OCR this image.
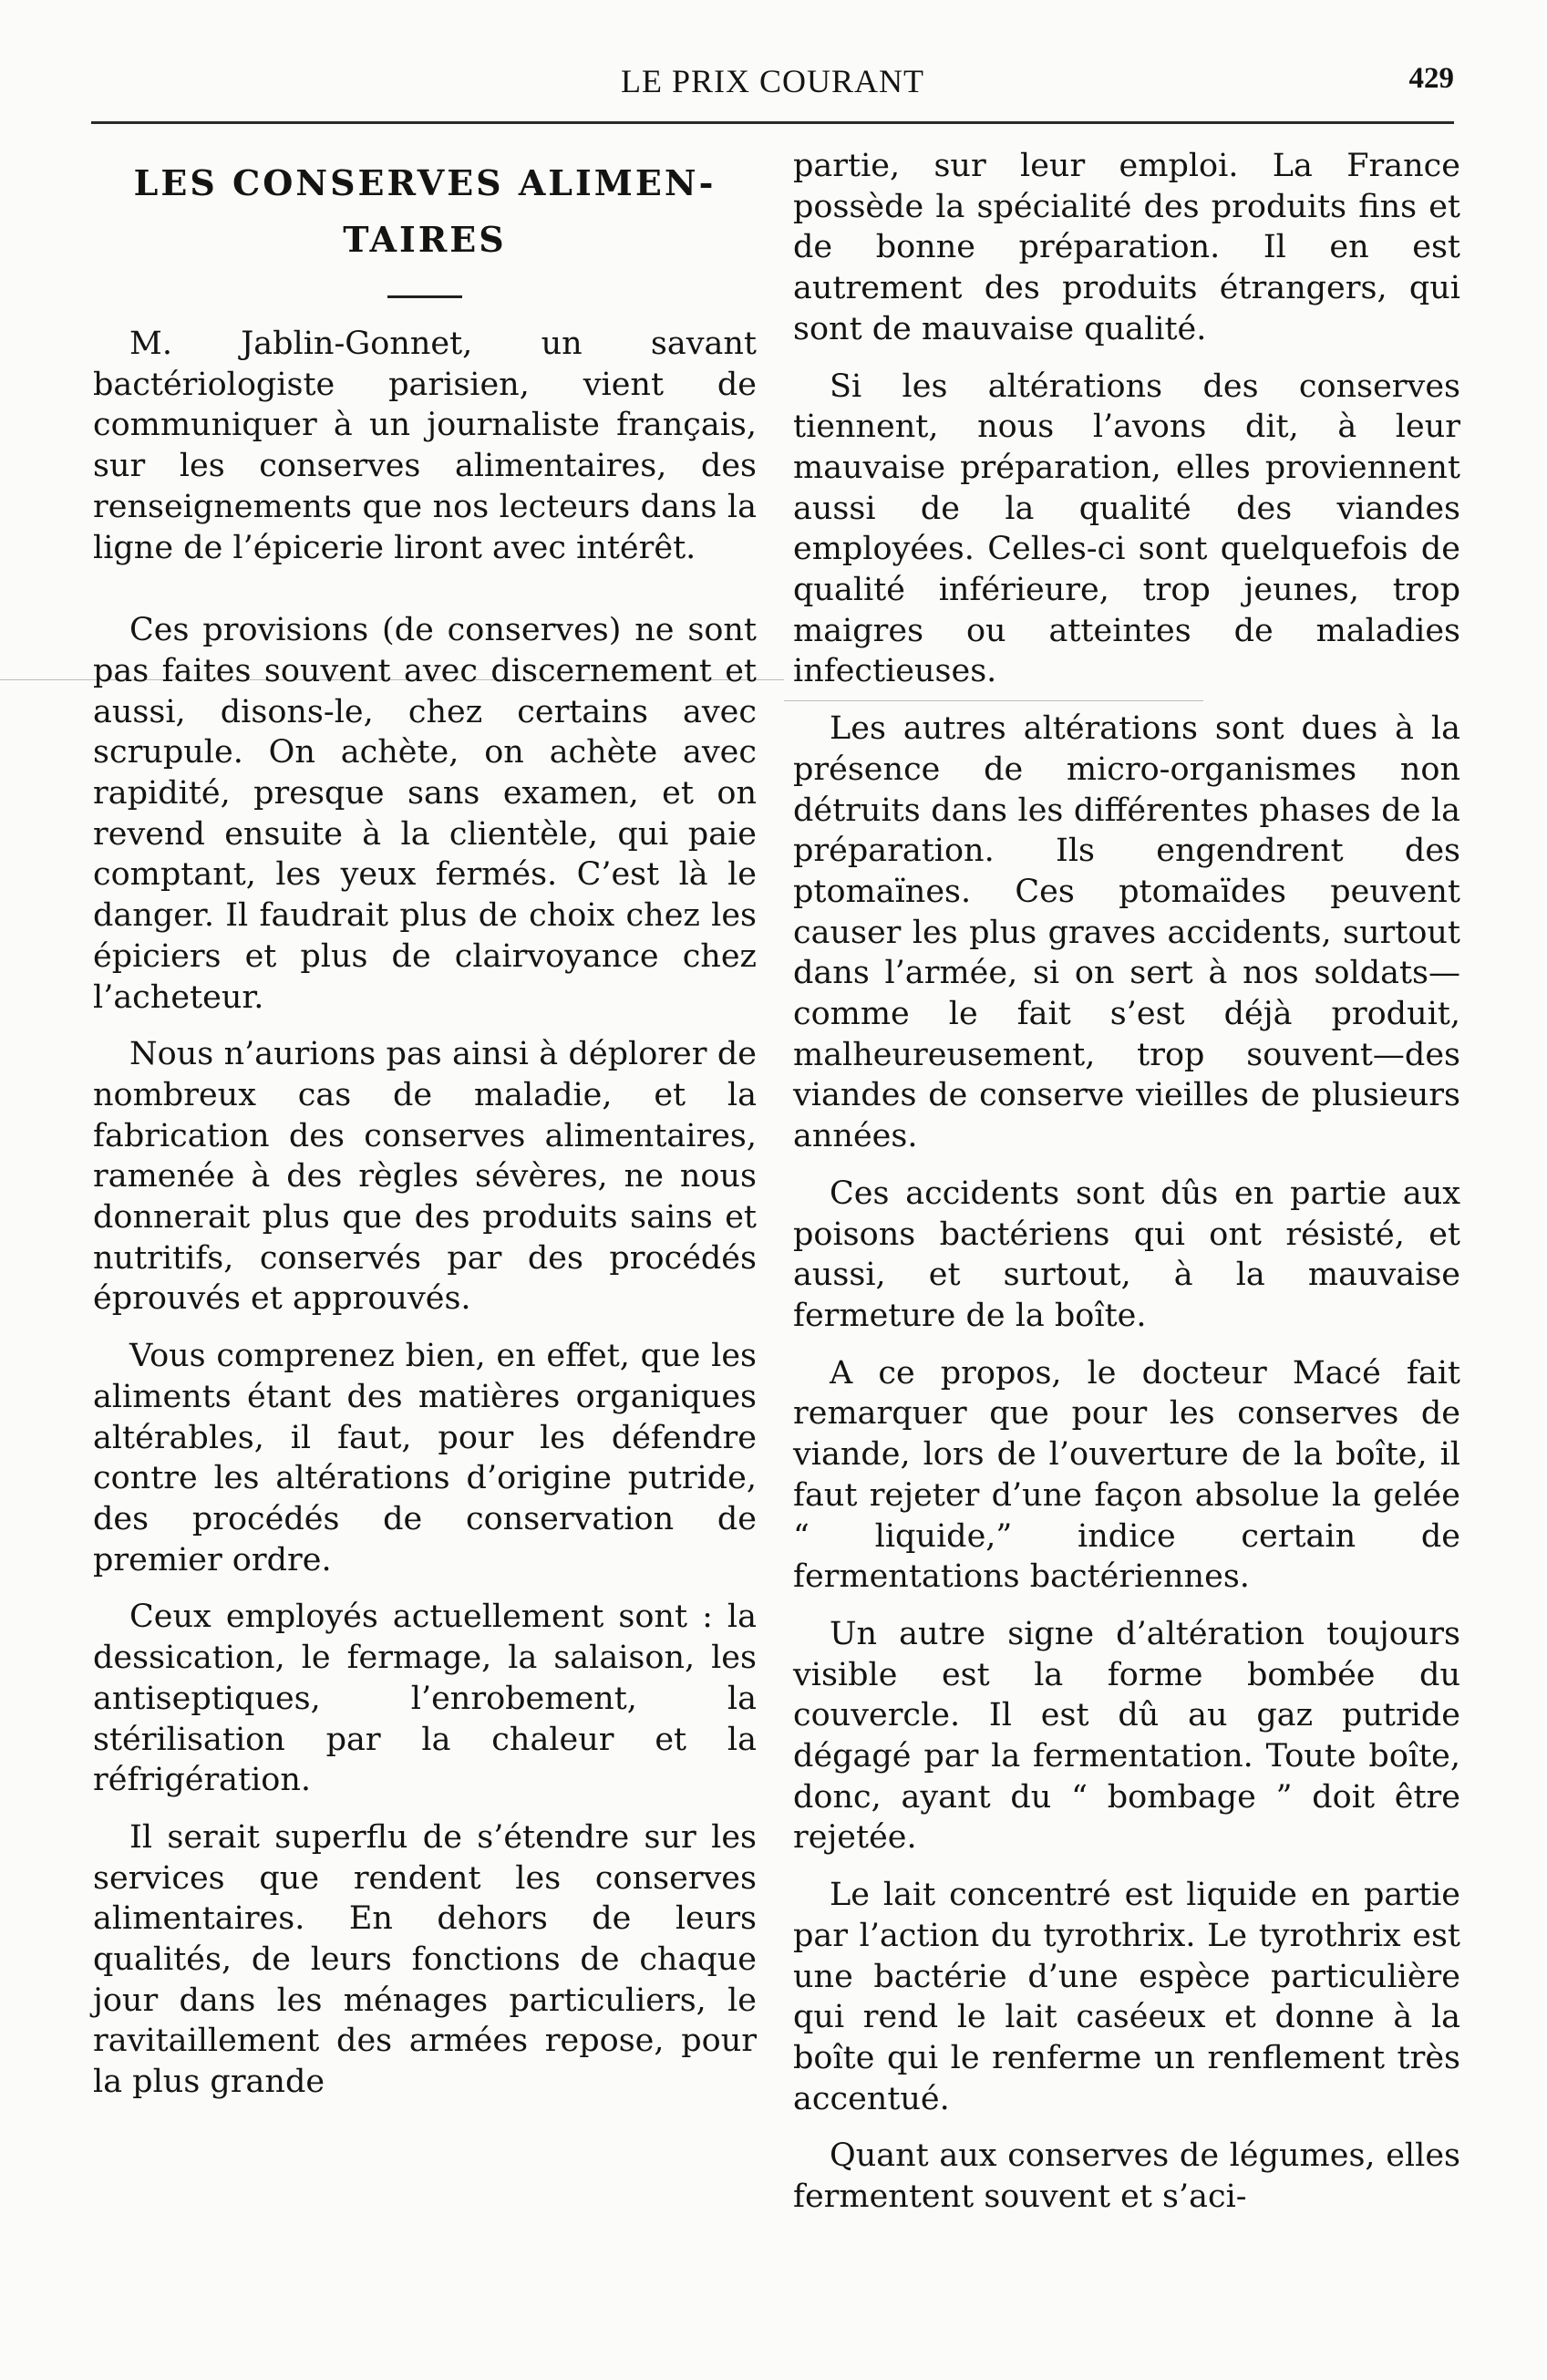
LE PRIX COURANT	429
LES CONSERVES ALIMEN-
TAIRES

M. Jablin-Gonnet, un savant bactériologiste parisien, vient de communiquer à un journaliste français, sur les conserves alimentaires, des renseignements que nos lecteurs dans la ligne de l’épicerie liront avec intérêt.

Ces provisions (de conserves) ne sont pas faites souvent avec discernement et aussi, disons-le, chez certains avec scrupule. On achète, on achète avec rapidité, presque sans examen, et on revend ensuite à la clientèle, qui paie comptant, les yeux fermés. C’est là le danger. Il faudrait plus de choix chez les épiciers et plus de clairvoyance chez l’acheteur.

Nous n’aurions pas ainsi à déplorer de nombreux cas de maladie, et la fabrication des conserves alimentaires, ramenée à des règles sévères, ne nous donnerait plus que des produits sains et nutritifs, conservés par des procédés éprouvés et approuvés.

Vous comprenez bien, en effet, que les aliments étant des matières organiques altérables, il faut, pour les défendre contre les altérations d’origine putride, des procédés de conservation de premier ordre.

Ceux employés actuellement sont : la dessication, le fermage, la salaison, les antiseptiques, l’enrobement, la stérilisation par la chaleur et la réfrigération.

Il serait superflu de s’étendre sur les services que rendent les conserves alimentaires. En dehors de leurs qualités, de leurs fonctions de chaque jour dans les ménages particuliers, le ravitaillement des armées repose, pour la plus grande

partie, sur leur emploi. La France possède la spécialité des produits fins et de bonne préparation. Il en est autrement des produits étrangers, qui sont de mauvaise qualité.

Si les altérations des conserves tiennent, nous l’avons dit, à leur mauvaise préparation, elles proviennent aussi de la qualité des viandes employées. Celles-ci sont quelquefois de qualité inférieure, trop jeunes, trop maigres ou atteintes de maladies infectieuses.

Les autres altérations sont dues à la présence de micro-organismes non détruits dans les différentes phases de la préparation. Ils engendrent des ptomaïnes. Ces ptomaïdes peuvent causer les plus graves accidents, surtout dans l’armée, si on sert à nos soldats—comme le fait s’est déjà produit, malheureusement, trop souvent—des viandes de conserve vieilles de plusieurs années.

Ces accidents sont dûs en partie aux poisons bactériens qui ont résisté, et aussi, et surtout, à la mauvaise fermeture de la boîte.

A ce propos, le docteur Macé fait remarquer que pour les conserves de viande, lors de l’ouverture de la boîte, il faut rejeter d’une façon absolue la gelée “ liquide,” indice certain de fermentations bactériennes.

Un autre signe d’altération toujours visible est la forme bombée du couvercle. Il est dû au gaz putride dégagé par la fermentation. Toute boîte, donc, ayant du “ bombage ” doit être rejetée.

Le lait concentré est liquide en partie par l’action du tyrothrix. Le tyrothrix est une bactérie d’une espèce particulière qui rend le lait caséeux et donne à la boîte qui le renferme un renflement très accentué.

Quant aux conserves de légumes, elles fermentent souvent et s’aci-
